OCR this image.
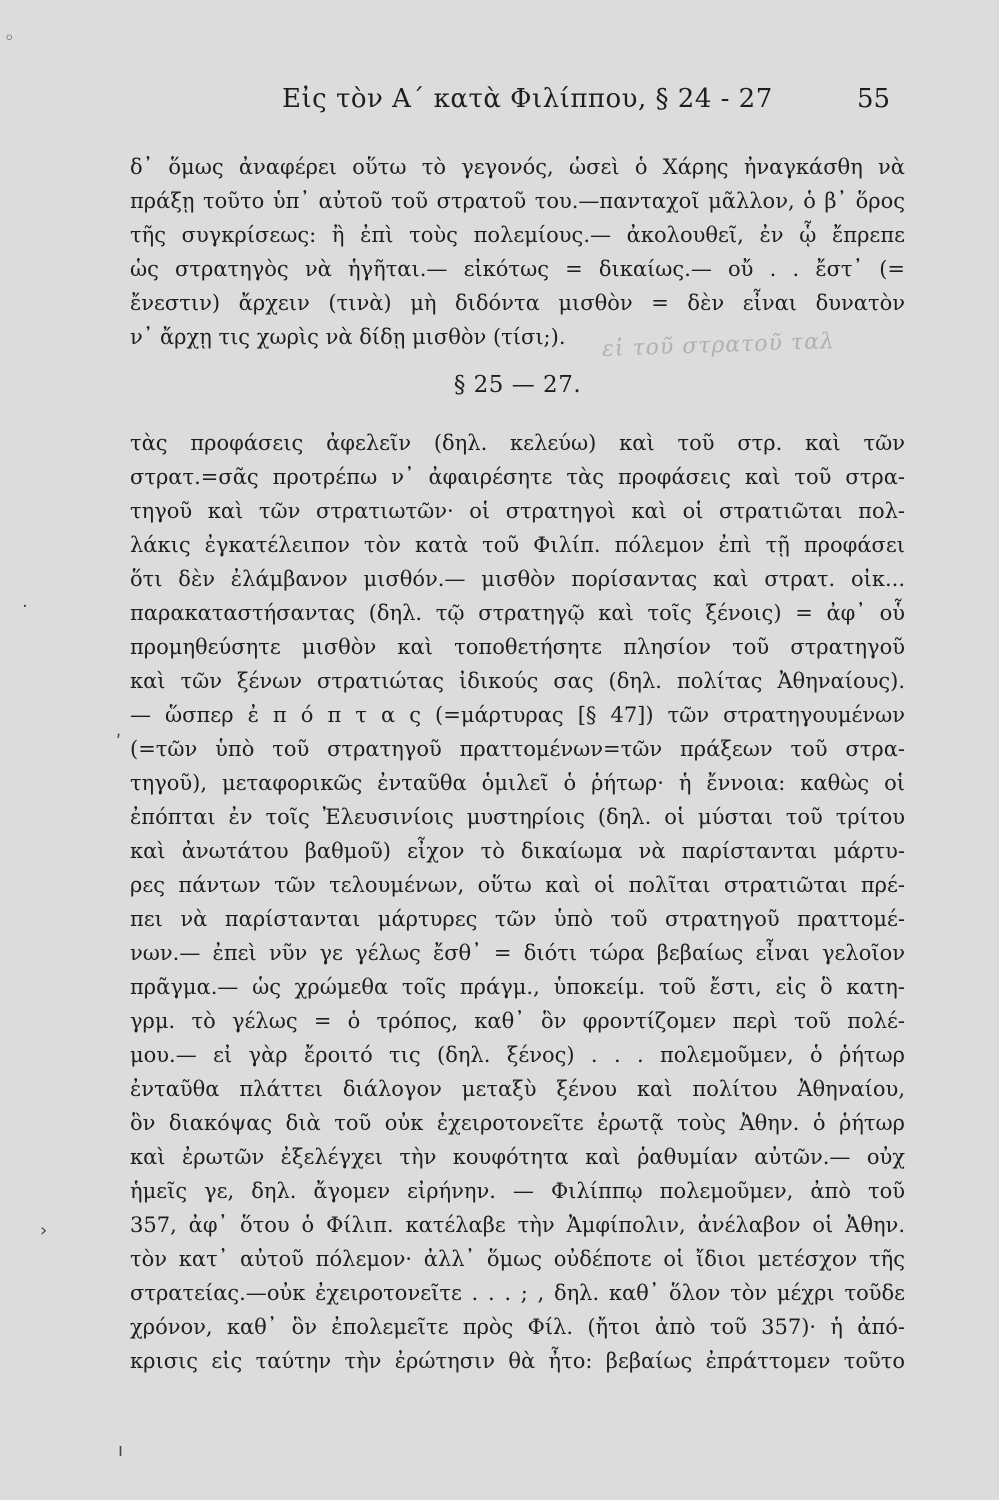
Εἰς τὸν Α΄ κατὰ Φιλίππου, § 24 - 27	55
◦
δ᾽ ὅμως ἀναφέρει οὕτω τὸ γεγονός, ὡσεὶ ὁ Χάρης ἠναγκάσθη νὰ
πράξῃ τοῦτο ὑπ᾽ αὐτοῦ τοῦ στρατοῦ του.—πανταχοῖ μᾶλλον, ὁ β᾽ ὅρος
τῆς συγκρίσεως: ἢ ἐπὶ τοὺς πολεμίους.— ἀκολουθεῖ, ἐν ᾧ ἔπρεπε
ὡς στρατηγὸς νὰ ἡγῆται.— εἰκότως = δικαίως.— οὔ . . ἔστ᾽ (=
ἔνεστιν) ἄρχειν (τινὰ) μὴ διδόντα μισθὸν = δὲν εἶναι δυνατὸν
ν᾽ ἄρχῃ τις χωρὶς νὰ δίδῃ μισθὸν (τίσι;).
§ 25 — 27.
τὰς προφάσεις ἀφελεῖν (δηλ. κελεύω) καὶ τοῦ στρ. καὶ τῶν
στρατ.=σᾶς προτρέπω ν᾽ ἀφαιρέσητε τὰς προφάσεις καὶ τοῦ στρα-
τηγοῦ καὶ τῶν στρατιωτῶν· οἱ στρατηγοὶ καὶ οἱ στρατιῶται πολ-
λάκις ἐγκατέλειπον τὸν κατὰ τοῦ Φιλίπ. πόλεμον ἐπὶ τῇ προφάσει
ὅτι δὲν ἐλάμβανον μισθόν.— μισθὸν πορίσαντας καὶ στρατ. οἰκ...
παρακαταστήσαντας (δηλ. τῷ στρατηγῷ καὶ τοῖς ξένοις) = ἀφ᾽ οὗ
προμηθεύσητε μισθὸν καὶ τοποθετήσητε πλησίον τοῦ στρατηγοῦ
καὶ τῶν ξένων στρατιώτας ἰδικούς σας (δηλ. πολίτας Ἀθηναίους).
— ὥσπερ ἐ π ό π τ α ς (=μάρτυρας [§ 47]) τῶν στρατηγουμένων
(=τῶν ὑπὸ τοῦ στρατηγοῦ πραττομένων=τῶν πράξεων τοῦ στρα-
τηγοῦ), μεταφορικῶς ἐνταῦθα ὁμιλεῖ ὁ ῥήτωρ· ἡ ἔννοια: καθὼς οἱ
ἐπόπται ἐν τοῖς Ἐλευσινίοις μυστηρίοις (δηλ. οἱ μύσται τοῦ τρίτου
καὶ ἀνωτάτου βαθμοῦ) εἶχον τὸ δικαίωμα νὰ παρίστανται μάρτυ-
ρες πάντων τῶν τελουμένων, οὕτω καὶ οἱ πολῖται στρατιῶται πρέ-
πει νὰ παρίστανται μάρτυρες τῶν ὑπὸ τοῦ στρατηγοῦ πραττομέ-
νων.— ἐπεὶ νῦν γε γέλως ἔσθ᾽ = διότι τώρα βεβαίως εἶναι γελοῖον
πρᾶγμα.— ὡς χρώμεθα τοῖς πράγμ., ὑποκείμ. τοῦ ἔστι, εἰς ὃ κατη-
γρμ. τὸ γέλως = ὁ τρόπος, καθ᾽ ὃν φροντίζομεν περὶ τοῦ πολέ-
μου.— εἰ γὰρ ἔροιτό τις (δηλ. ξένος) . . . πολεμοῦμεν, ὁ ῥήτωρ
ἐνταῦθα πλάττει διάλογον μεταξὺ ξένου καὶ πολίτου Ἀθηναίου,
ὃν διακόψας διὰ τοῦ οὐκ ἐχειροτονεῖτε ἐρωτᾷ τοὺς Ἀθην. ὁ ῥήτωρ
καὶ ἐρωτῶν ἐξελέγχει τὴν κουφότητα καὶ ῥαθυμίαν αὐτῶν.— οὐχ
ἡμεῖς γε, δηλ. ἄγομεν εἰρήνην. — Φιλίππῳ πολεμοῦμεν, ἀπὸ τοῦ
357, ἀφ᾽ ὅτου ὁ Φίλιπ. κατέλαβε τὴν Ἀμφίπολιν, ἀνέλαβον οἱ Ἀθην.
τὸν κατ᾽ αὐτοῦ πόλεμον· ἀλλ᾽ ὅμως οὐδέποτε οἱ ἴδιοι μετέσχον τῆς
στρατείας.—οὐκ ἐχειροτονεῖτε . . . ; , δηλ. καθ᾽ ὅλον τὸν μέχρι τοῦδε
χρόνον, καθ᾽ ὃν ἐπολεμεῖτε πρὸς Φίλ. (ἤτοι ἀπὸ τοῦ 357)· ἡ ἀπό-
κρισις εἰς ταύτην τὴν ἐρώτησιν θὰ ἦτο: βεβαίως ἐπράττομεν τοῦτο
εἰ τοῦ στρατοῦ ταλ
·
ʹ
›
ı
